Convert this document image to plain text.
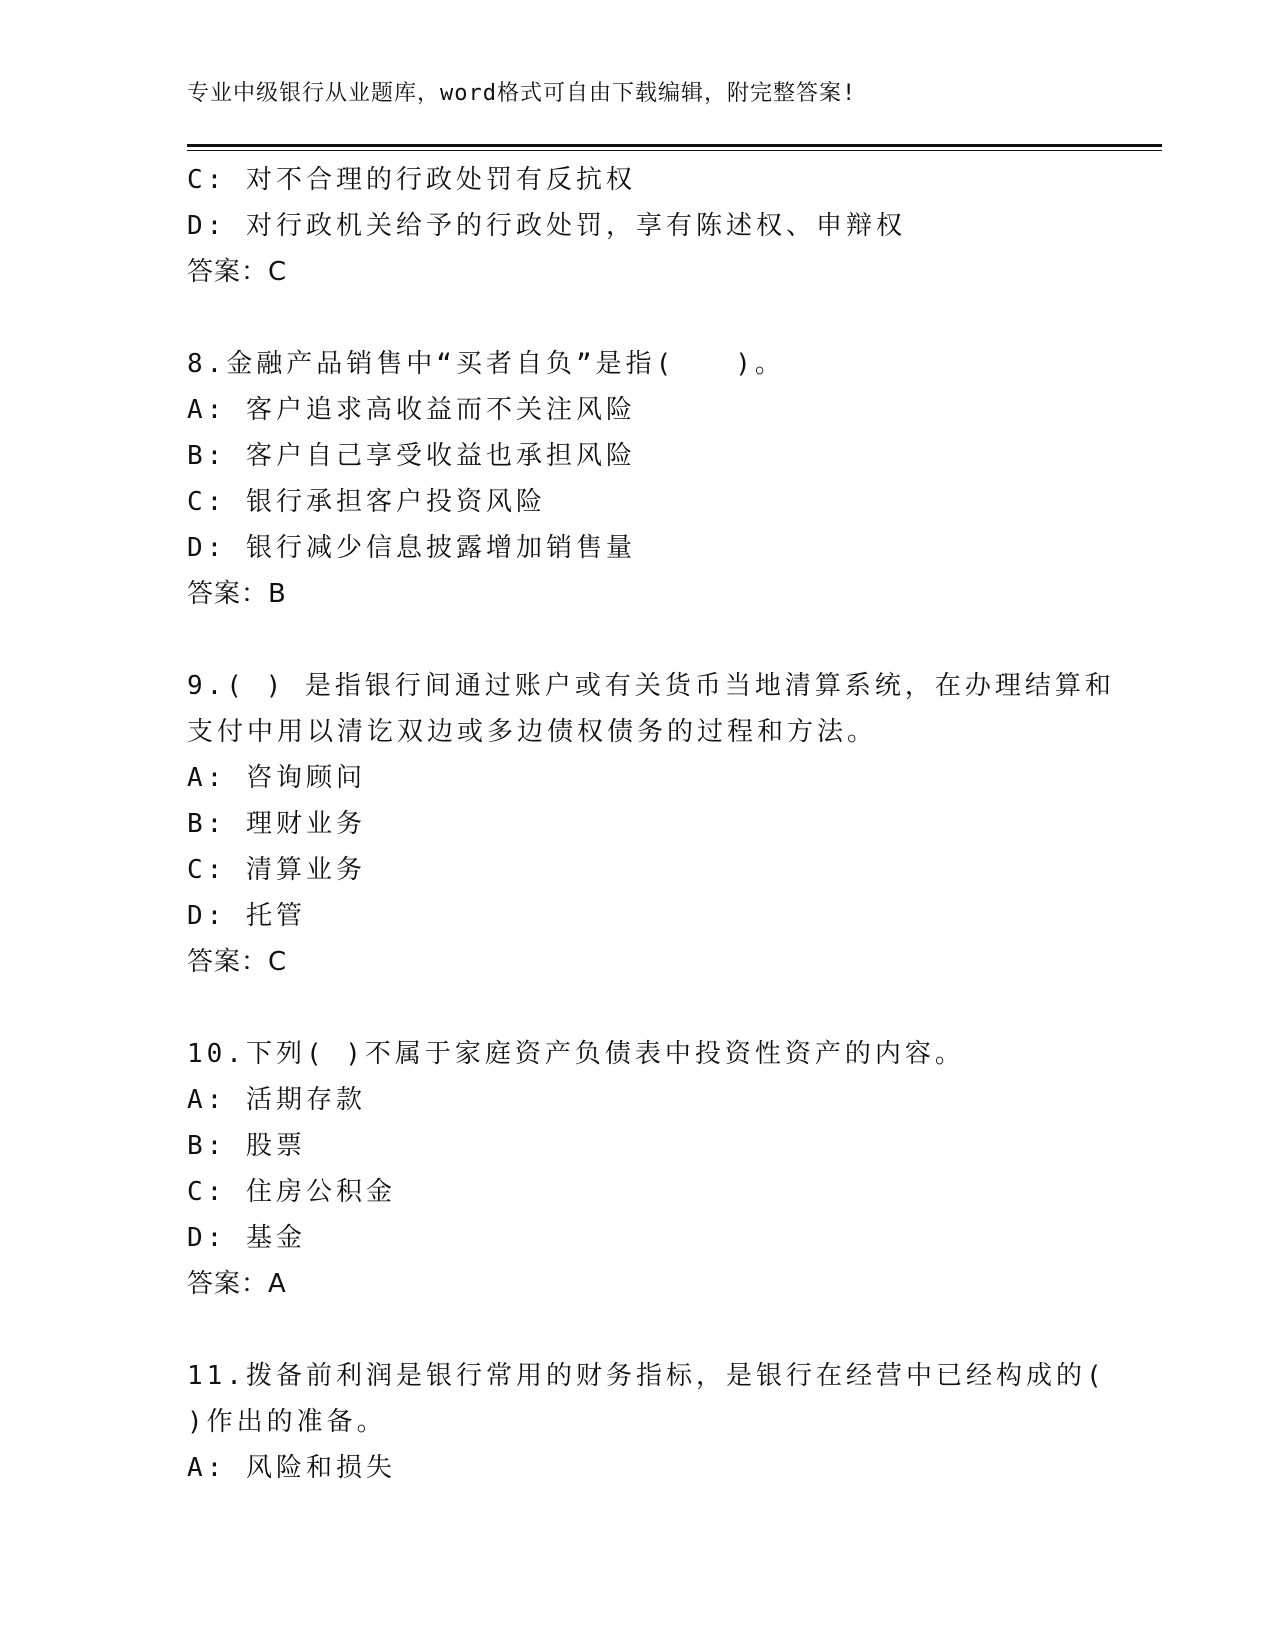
专业中级银行从业题库，word格式可自由下载编辑，附完整答案!
C: 对不合理的行政处罚有反抗权
D: 对行政机关给予的行政处罚，享有陈述权、申辩权
答案：C
8.金融产品销售中“买者自负”是指(　　)。
A: 客户追求高收益而不关注风险
B: 客户自己享受收益也承担风险
C: 银行承担客户投资风险
D: 银行减少信息披露增加销售量
答案：B
9.( ) 是指银行间通过账户或有关货币当地清算系统，在办理结算和
支付中用以清讫双边或多边债权债务的过程和方法。
A: 咨询顾问
B: 理财业务
C: 清算业务
D: 托管
答案：C
10.下列( )不属于家庭资产负债表中投资性资产的内容。
A: 活期存款
B: 股票
C: 住房公积金
D: 基金
答案：A
11.拨备前利润是银行常用的财务指标，是银行在经营中已经构成的(
)作出的准备。
A: 风险和损失
